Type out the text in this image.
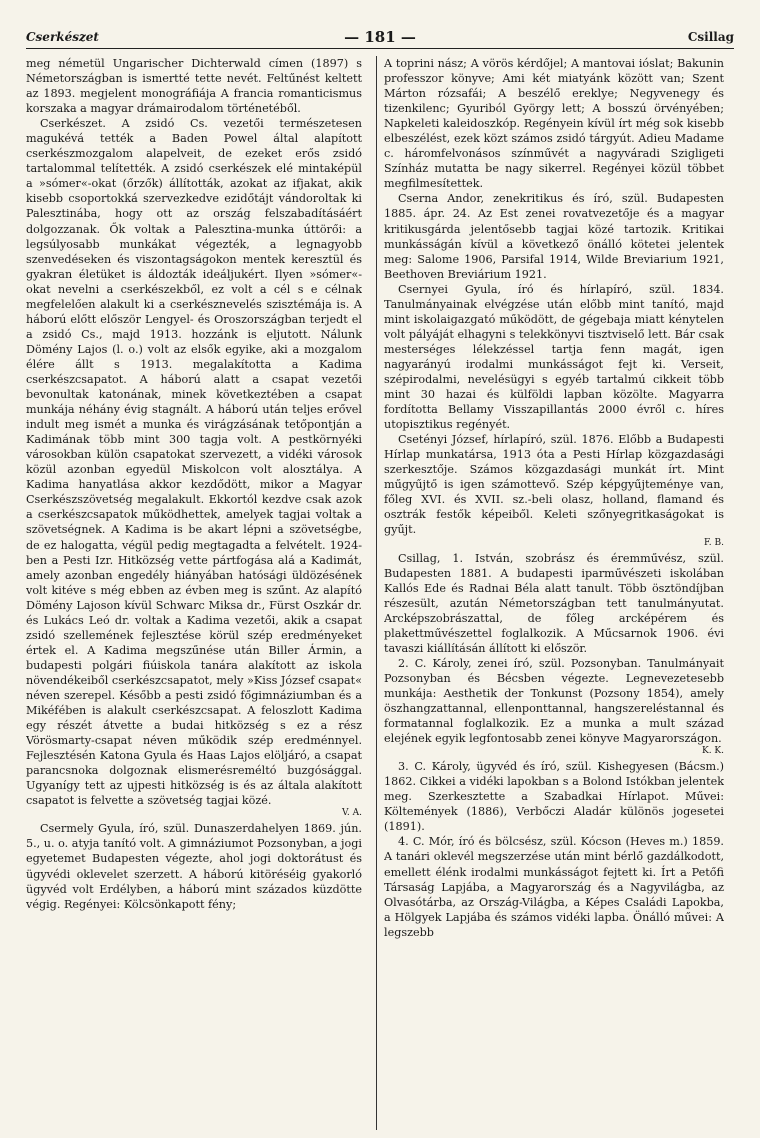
Cserkészet	— 181 —	Csillag

meg németül Ungarischer Dichterwald címen (1897) s Németországban is ismertté tette nevét. Feltűnést keltett az 1893. megjelent monográfiája A francia romanticismus korszaka a magyar drámairodalom történetéből.

Cserkészet. A zsidó Cs. vezetői természetesen magukévá tették a Baden Powel által alapított cserkészmozgalom alapelveit, de ezeket erős zsidó tartalommal telítették. A zsidó cserkészek elé mintaképül a »sómer«-okat (őrzők) állították, azokat az ifjakat, akik kisebb csoportokká szervezkedve ezidőtájt vándoroltak ki Palesztinába, hogy ott az ország felszabadításáért dolgozzanak. Ők voltak a Palesztina-munka úttörői: a legsúlyosabb munkákat végezték, a legnagyobb szenvedéseken és viszontagságokon mentek keresztül és gyakran életüket is áldozták ideáljukért. Ilyen »sómer«-okat nevelni a cserkészekből, ez volt a cél s e célnak megfelelően alakult ki a cserkésznevelés szisztémája is. A háború előtt először Lengyel- és Oroszországban terjedt el a zsidó Cs., majd 1913. hozzánk is eljutott. Nálunk Dömény Lajos (l. o.) volt az elsők egyike, aki a mozgalom élére állt s 1913. megalakította a Kadima cserkészcsapatot. A háború alatt a csapat vezetői bevonultak katonának, minek következtében a csapat munkája néhány évig stagnált. A háború után teljes erővel indult meg ismét a munka és virágzásának tetőpontján a Kadimának több mint 300 tagja volt. A pestkörnyéki városokban külön csapatokat szervezett, a vidéki városok közül azonban egyedül Miskolcon volt alosztálya. A Kadima hanyatlása akkor kezdődött, mikor a Magyar Cserkészszövetség megalakult. Ekkortól kezdve csak azok a cserkészcsapatok működhettek, amelyek tagjai voltak a szövetségnek. A Kadima is be akart lépni a szövetségbe, de ez halogatta, végül pedig megtagadta a felvételt. 1924-ben a Pesti Izr. Hitközség vette pártfogása alá a Kadimát, amely azonban engedély hiányában hatósági üldözésének volt kitéve s még ebben az évben meg is szűnt. Az alapító Dömény Lajoson kívül Schwarc Miksa dr., Fürst Oszkár dr. és Lukács Leó dr. voltak a Kadima vezetői, akik a csapat zsidó szellemének fejlesztése körül szép eredményeket értek el. A Kadima megszűnése után Biller Ármin, a budapesti polgári fiúiskola tanára alakított az iskola növendékeiből cserkészcsapatot, mely »Kiss József csapat« néven szerepel. Később a pesti zsidó főgimnáziumban és a Mikéfében is alakult cserkészcsapat. A feloszlott Kadima egy részét átvette a budai hitközség s ez a rész Vörösmarty-csapat néven működik szép eredménnyel. Fejlesztésén Katona Gyula és Haas Lajos elöljáró, a csapat parancsnoka dolgoznak elismerésreméltó buzgósággal. Ugyanígy tett az ujpesti hitközség is és az általa alakított csapatot is felvette a szövetség tagjai közé.

V. A.

Csermely Gyula, író, szül. Dunaszerdahelyen 1869. jún. 5., u. o. atyja tanító volt. A gimnáziumot Pozsonyban, a jogi egyetemet Budapesten végezte, ahol jogi doktorátust és ügyvédi oklevelet szerzett. A háború kitöréséig gyakorló ügyvéd volt Erdélyben, a háború mint százados küzdötte végig. Regényei: Kölcsönkapott fény;

A toprini nász; A vörös kérdőjel; A mantovai ióslat; Bakunin professzor könyve; Ami két miatyánk között van; Szent Márton rózsafái; A beszélő ereklye; Negyvenegy és tizenkilenc; Gyuriból György lett; A bosszú örvényében; Napkeleti kaleidoszkóp. Regényein kívül írt még sok kisebb elbeszélést, ezek közt számos zsidó tárgyút. Adieu Madame c. háromfelvonásos színművét a nagyváradi Szigligeti Színház mutatta be nagy sikerrel. Regényei közül többet megfilmesítettek.

Cserna Andor, zenekritikus és író, szül. Budapesten 1885. ápr. 24. Az Est zenei rovatvezetője és a magyar kritikusgárda jelentősebb tagjai közé tartozik. Kritikai munkásságán kívül a következő önálló kötetei jelentek meg: Salome 1906, Parsifal 1914, Wilde Breviarium 1921, Beethoven Breviárium 1921.

Csernyei Gyula, író és hírlapíró, szül. 1834. Tanulmányainak elvégzése után előbb mint tanító, majd mint iskolaigazgató működött, de gégebaja miatt kénytelen volt pályáját elhagyni s telekkönyvi tisztviselő lett. Bár csak mesterséges lélekzéssel tartja fenn magát, igen nagyarányú irodalmi munkásságot fejt ki. Verseit, szépirodalmi, nevelésügyi s egyéb tartalmú cikkeit több mint 30 hazai és külföldi lapban közölte. Magyarra fordította Bellamy Visszapillantás 2000 évről c. híres utopisztikus regényét.

Csetényi József, hírlapíró, szül. 1876. Előbb a Budapesti Hírlap munkatársa, 1913 óta a Pesti Hírlap közgazdasági szerkesztője. Számos közgazdasági munkát írt. Mint műgyűjtő is igen számottevő. Szép képgyűjteménye van, főleg XVI. és XVII. sz.-beli olasz, holland, flamand és osztrák festők képeiből. Keleti szőnyegritkaságokat is gyűjt.

F. B.

Csillag, 1. István, szobrász és éremművész, szül. Budapesten 1881. A budapesti iparművészeti iskolában Kallós Ede és Radnai Béla alatt tanult. Több ösztöndíjban részesült, azután Németországban tett tanulmányutat. Arcképszobrászattal, de főleg arcképérem és plakettművészettel foglalkozik. A Műcsarnok 1906. évi tavaszi kiállításán állított ki először.

2. C. Károly, zenei író, szül. Pozsonyban. Tanulmányait Pozsonyban és Bécsben végezte. Legnevezetesebb munkája: Aesthetik der Tonkunst (Pozsony 1854), amely öszhangzattannal, ellenponttannal, hangszereléstannal és formatannal foglalkozik. Ez a munka a mult század elejének egyik legfontosabb zenei könyve Magyarországon.

K. K.

3. C. Károly, ügyvéd és író, szül. Kishegyesen (Bácsm.) 1862. Cikkei a vidéki lapokban s a Bolond Istókban jelentek meg. Szerkesztette a Szabadkai Hírlapot. Művei: Költemények (1886), Verbőczi Aladár különös jogesetei (1891).

4. C. Mór, író és bölcsész, szül. Kócson (Heves m.) 1859. A tanári oklevél megszerzése után mint bérlő gazdálkodott, emellett élénk irodalmi munkásságot fejtett ki. Írt a Petőfi Társaság Lapjába, a Magyarország és a Nagyvilágba, az Olvasótárba, az Ország-Világba, a Képes Családi Lapokba, a Hölgyek Lapjába és számos vidéki lapba. Önálló művei: A legszebb
